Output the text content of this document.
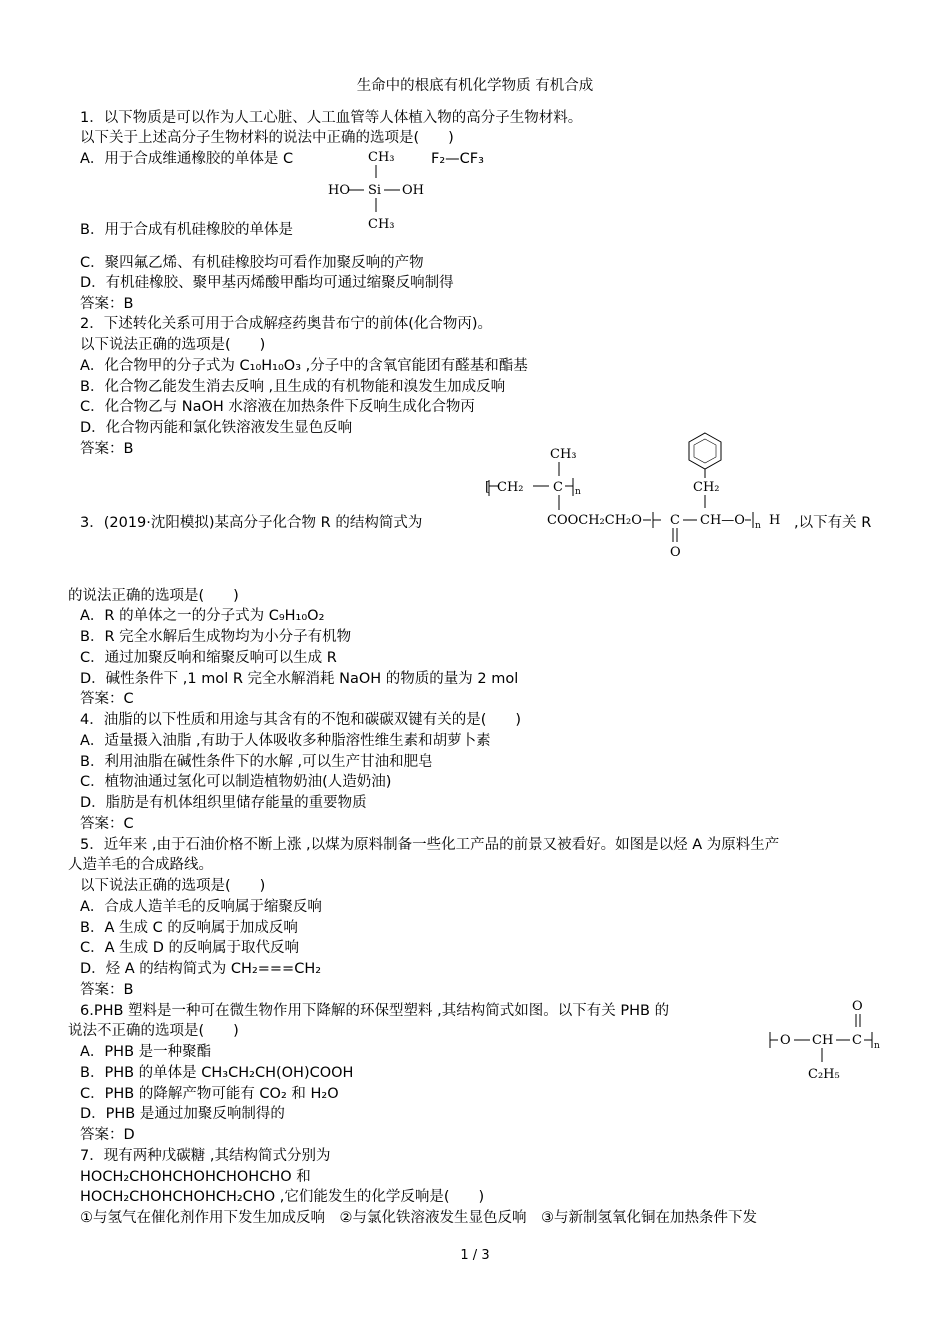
生命中的根底有机化学物质 有机合成
1．以下物质是可以作为人工心脏、人工血管等人体植入物的高分子生物材料。
以下关于上述高分子生物材料的说法中正确的选项是(　　)
A．用于合成维通橡胶的单体是 C	F₂—CF₃
CH₃
HO Si OH
CH₃
B．用于合成有机硅橡胶的单体是
C．聚四氟乙烯、有机硅橡胶均可看作加聚反响的产物
D．有机硅橡胶、聚甲基丙烯酸甲酯均可通过缩聚反响制得
答案：B
2．下述转化关系可用于合成解痉药奥昔布宁的前体(化合物丙)。
以下说法正确的选项是(　　)
A．化合物甲的分子式为 C₁₀H₁₀O₃ ,分子中的含氧官能团有醛基和酯基
B．化合物乙能发生消去反响 ,且生成的有机物能和溴发生加成反响
C．化合物乙与 NaOH 水溶液在加热条件下反响生成化合物丙
D．化合物丙能和氯化铁溶液发生显色反响
答案：B
3．(2019·沈阳模拟)某高分子化合物 R 的结构简式为
CH₂
CH₃
[ CH₂ C n
COOCH₂CH₂O C CH—O n H
O
,以下有关 R
的说法正确的选项是(　　)
A．R 的单体之一的分子式为 C₉H₁₀O₂
B．R 完全水解后生成物均为小分子有机物
C．通过加聚反响和缩聚反响可以生成 R
D．碱性条件下 ,1 mol R 完全水解消耗 NaOH 的物质的量为 2 mol
答案：C
4．油脂的以下性质和用途与其含有的不饱和碳碳双键有关的是(　　)
A．适量摄入油脂 ,有助于人体吸收多种脂溶性维生素和胡萝卜素
B．利用油脂在碱性条件下的水解 ,可以生产甘油和肥皂
C．植物油通过氢化可以制造植物奶油(人造奶油)
D．脂肪是有机体组织里储存能量的重要物质
答案：C
5．近年来 ,由于石油价格不断上涨 ,以煤为原料制备一些化工产品的前景又被看好。如图是以烃 A 为原料生产
人造羊毛的合成路线。
以下说法正确的选项是(　　)
A．合成人造羊毛的反响属于缩聚反响
B．A 生成 C 的反响属于加成反响
C．A 生成 D 的反响属于取代反响
D．烃 A 的结构简式为 CH₂===CH₂
答案：B
6.PHB 塑料是一种可在微生物作用下降解的环保型塑料 ,其结构简式如图。以下有关 PHB 的
说法不正确的选项是(　　)
O
O CH C n
C₂H₅
A．PHB 是一种聚酯
B．PHB 的单体是 CH₃CH₂CH(OH)COOH
C．PHB 的降解产物可能有 CO₂ 和 H₂O
D．PHB 是通过加聚反响制得的
答案：D
7．现有两种戊碳糖 ,其结构简式分别为
HOCH₂CHOHCHOHCHOHCHO 和
HOCH₂CHOHCHOHCH₂CHO ,它们能发生的化学反响是(　　)
①与氢气在催化剂作用下发生加成反响　②与氯化铁溶液发生显色反响　③与新制氢氧化铜在加热条件下发
1 / 3
